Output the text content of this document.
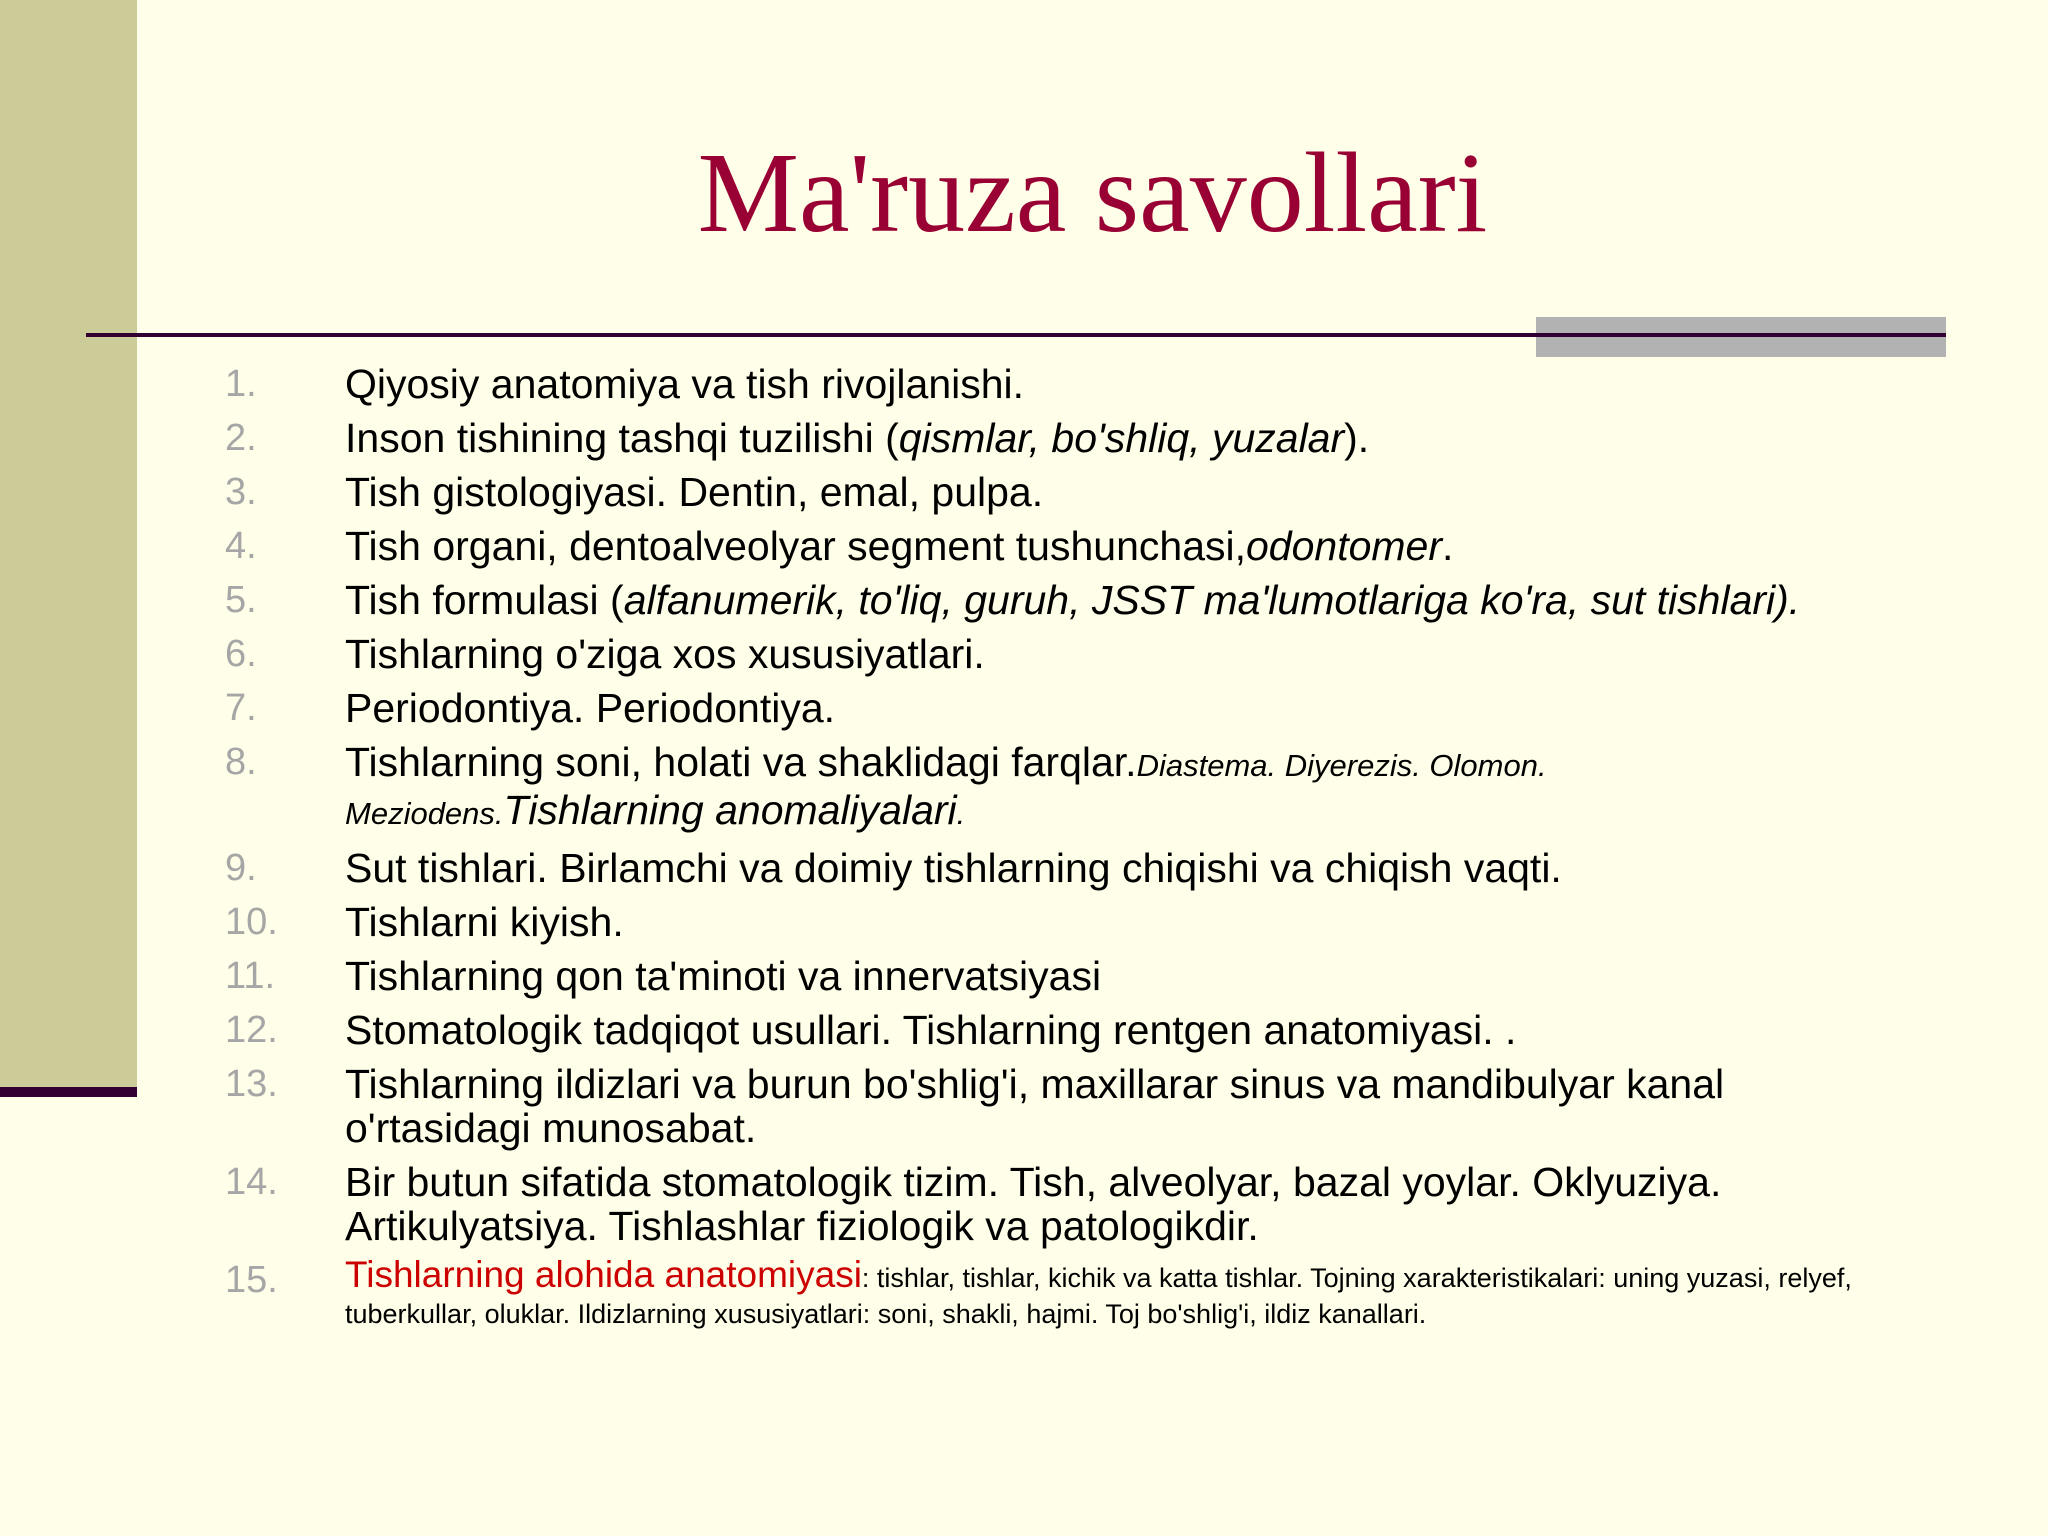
Ma'ruza savollari
1. Qiyosiy anatomiya va tish rivojlanishi.
2. Inson tishining tashqi tuzilishi (qismlar, bo'shliq, yuzalar).
3. Tish gistologiyasi. Dentin, emal, pulpa.
4. Tish organi, dentoalveolyar segment tushunchasi,odontomer.
5. Tish formulasi (alfanumerik, to'liq, guruh, JSST ma'lumotlariga ko'ra, sut tishlari).
6. Tishlarning o'ziga xos xususiyatlari.
7. Periodontiya. Periodontiya.
8. Tishlarning soni, holati va shaklidagi farqlar.Diastema. Diyerezis. Olomon. Meziodens.Tishlarning anomaliyalari.
9. Sut tishlari. Birlamchi va doimiy tishlarning chiqishi va chiqish vaqti.
10. Tishlarni kiyish.
11. Tishlarning qon ta'minoti va innervatsiyasi
12. Stomatologik tadqiqot usullari. Tishlarning rentgen anatomiyasi. .
13. Tishlarning ildizlari va burun bo'shlig'i, maxillarar sinus va mandibulyar kanal o'rtasidagi munosabat.
14. Bir butun sifatida stomatologik tizim. Tish, alveolyar, bazal yoylar. Oklyuziya. Artikulyatsiya. Tishlashlar fiziologik va patologikdir.
15. Tishlarning alohida anatomiyasi: tishlar, tishlar, kichik va katta tishlar. Tojning xarakteristikalari: uning yuzasi, relyef, tuberkullar, oluklar. Ildizlarning xususiyatlari: soni, shakli, hajmi. Toj bo'shlig'i, ildiz kanallari.
